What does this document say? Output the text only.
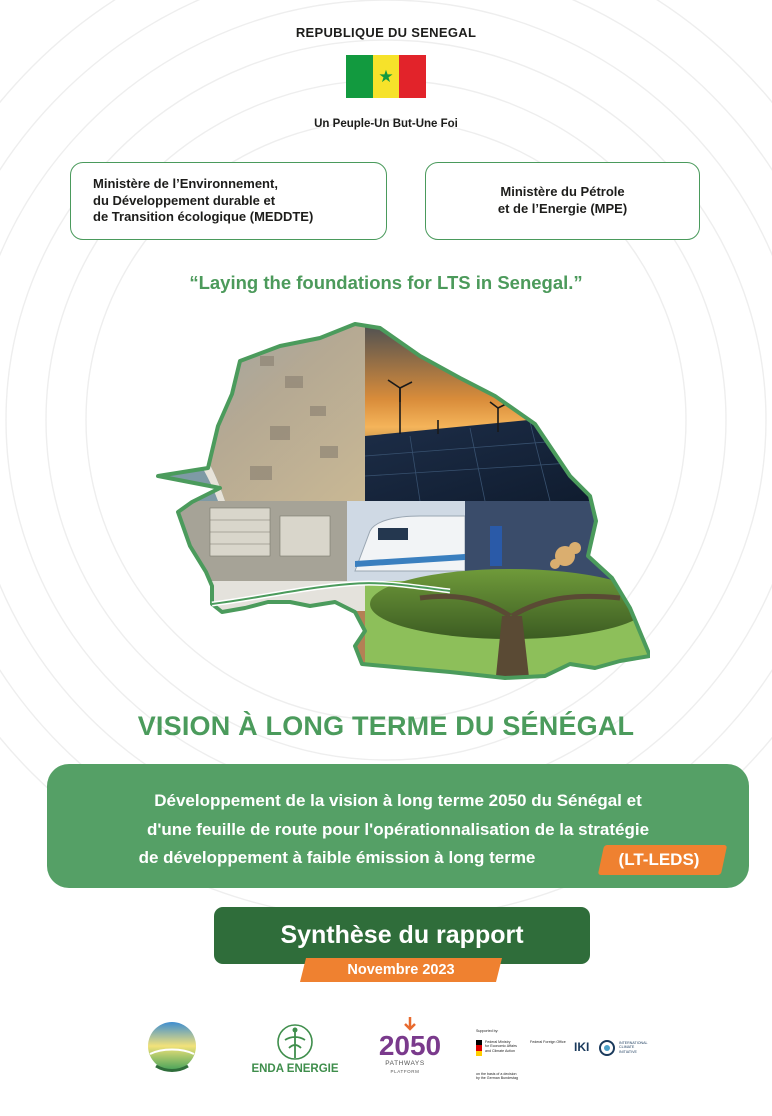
REPUBLIQUE DU SENEGAL
★
Un Peuple-Un But-Une Foi
Ministère de l’Environnement,
du Développement durable et
de Transition écologique (MEDDTE)
Ministère du Pétrole
et de l’Energie (MPE)
“Laying the foundations for LTS in Senegal.”
VISION À LONG TERME DU SÉNÉGAL
Développement de la vision à long terme 2050 du Sénégal et
d'une feuille de route pour l'opérationnalisation de la stratégie
de développement à faible émission à long terme	(LT-LEDS)
Synthèse du rapport
Novembre 2023
ENDA ENERGIE
2050
PATHWAYS
PLATFORM
Supported by:
Federal Ministry
for Economic Affairs
and Climate Action
Federal Foreign Office
on the basis of a decision
by the German Bundestag
IKI	INTERNATIONAL
CLIMATE
INITIATIVE
